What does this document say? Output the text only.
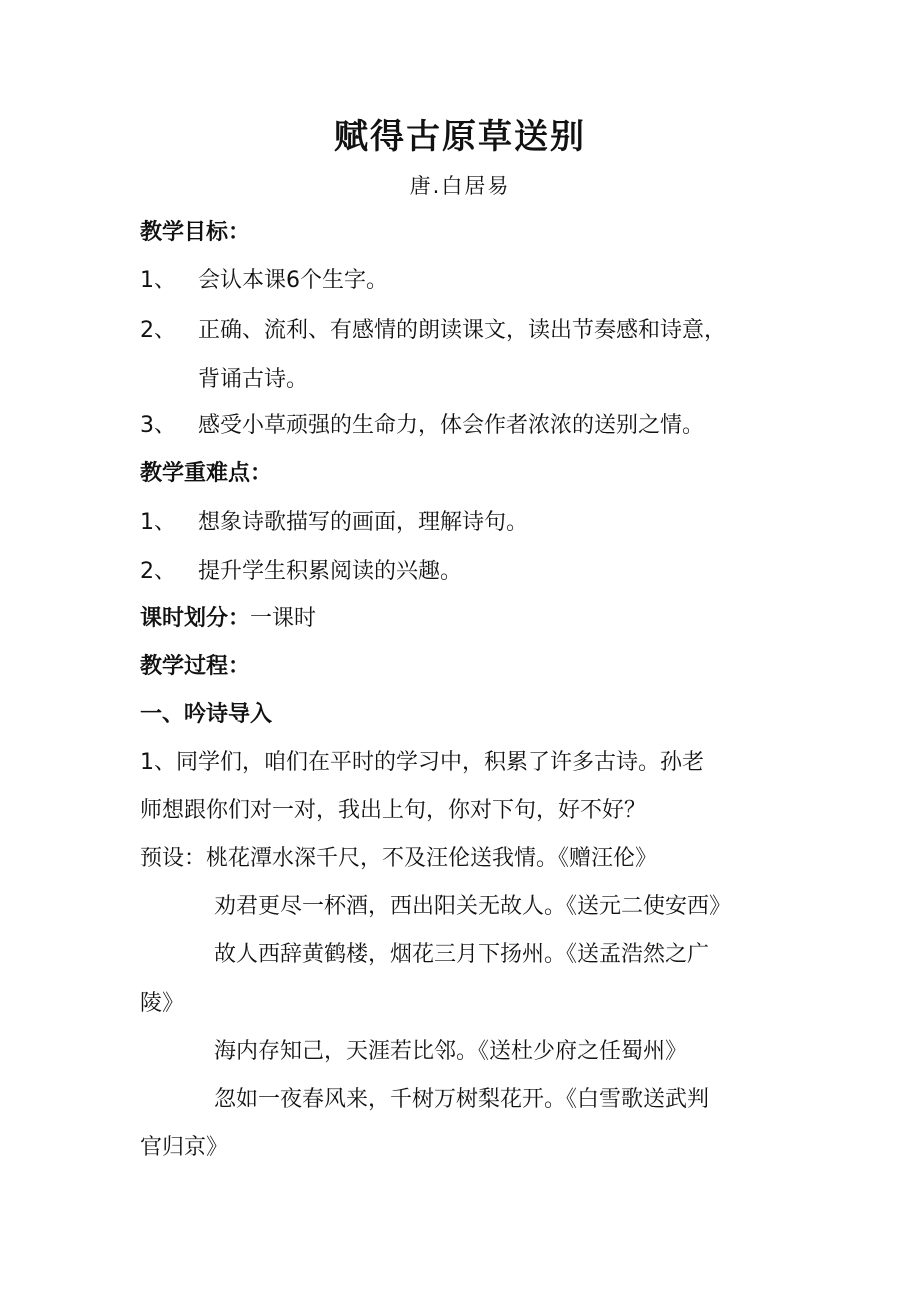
赋得古原草送别
唐.白居易
教学目标：
1、 会认本课6个生字。
2、 正确、流利、有感情的朗读课文，读出节奏感和诗意，
背诵古诗。
3、 感受小草顽强的生命力，体会作者浓浓的送别之情。
教学重难点：
1、 想象诗歌描写的画面，理解诗句。
2、 提升学生积累阅读的兴趣。
课时划分：一课时
教学过程：
一、吟诗导入
1、同学们，咱们在平时的学习中，积累了许多古诗。孙老
师想跟你们对一对，我出上句，你对下句，好不好？
预设：桃花潭水深千尺，不及汪伦送我情。《赠汪伦》
劝君更尽一杯酒，西出阳关无故人。《送元二使安西》
故人西辞黄鹤楼，烟花三月下扬州。《送孟浩然之广
陵》
海内存知己，天涯若比邻。《送杜少府之任蜀州》
忽如一夜春风来，千树万树梨花开。《白雪歌送武判
官归京》
